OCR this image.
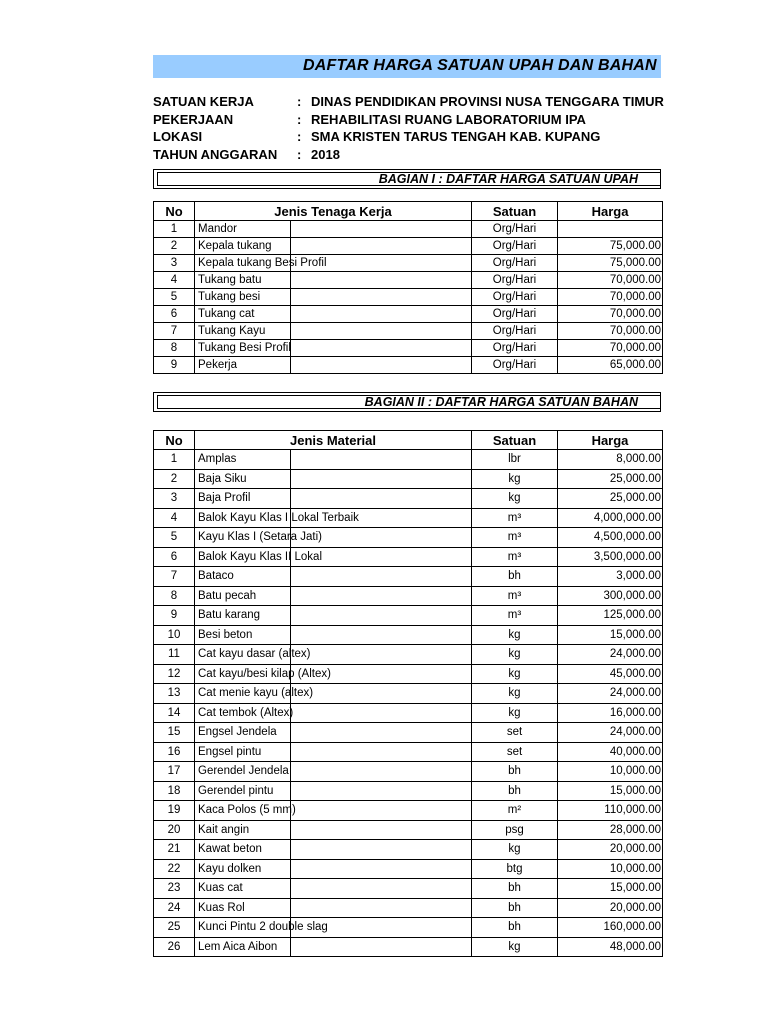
DAFTAR HARGA SATUAN UPAH DAN BAHAN
SATUAN KERJA	: DINAS PENDIDIKAN PROVINSI NUSA TENGGARA TIMUR
PEKERJAAN	: REHABILITASI RUANG LABORATORIUM IPA
LOKASI	: SMA KRISTEN TARUS TENGAH KAB. KUPANG
TAHUN ANGGARAN : 2018
BAGIAN I : DAFTAR HARGA SATUAN UPAH
No	Jenis Tenaga Kerja		Satuan	Harga
1	Mandor		Org/Hari	
2	Kepala tukang		Org/Hari	75,000.00
3	Kepala tukang Besi Profil		Org/Hari	75,000.00
4	Tukang batu		Org/Hari	70,000.00
5	Tukang besi		Org/Hari	70,000.00
6	Tukang cat		Org/Hari	70,000.00
7	Tukang Kayu		Org/Hari	70,000.00
8	Tukang Besi Profil		Org/Hari	70,000.00
9	Pekerja		Org/Hari	65,000.00
BAGIAN II : DAFTAR HARGA SATUAN BAHAN
No	Jenis Material		Satuan	Harga
1	Amplas		lbr	8,000.00
2	Baja Siku		kg	25,000.00
3	Baja Profil		kg	25,000.00
4	Balok Kayu Klas I Lokal Terbaik		m³	4,000,000.00
5	Kayu Klas I (Setara Jati)		m³	4,500,000.00
6	Balok Kayu Klas II Lokal		m³	3,500,000.00
7	Bataco		bh	3,000.00
8	Batu pecah		m³	300,000.00
9	Batu karang		m³	125,000.00
10	Besi beton		kg	15,000.00
11	Cat kayu dasar (altex)		kg	24,000.00
12	Cat kayu/besi kilap (Altex)		kg	45,000.00
13	Cat menie kayu (altex)		kg	24,000.00
14	Cat tembok (Altex)		kg	16,000.00
15	Engsel Jendela		set	24,000.00
16	Engsel pintu		set	40,000.00
17	Gerendel Jendela		bh	10,000.00
18	Gerendel pintu		bh	15,000.00
19	Kaca Polos (5 mm)		m²	110,000.00
20	Kait angin		psg	28,000.00
21	Kawat beton		kg	20,000.00
22	Kayu dolken		btg	10,000.00
23	Kuas cat		bh	15,000.00
24	Kuas Rol		bh	20,000.00
25	Kunci Pintu 2 double slag		bh	160,000.00
26	Lem Aica Aibon		kg	48,000.00
